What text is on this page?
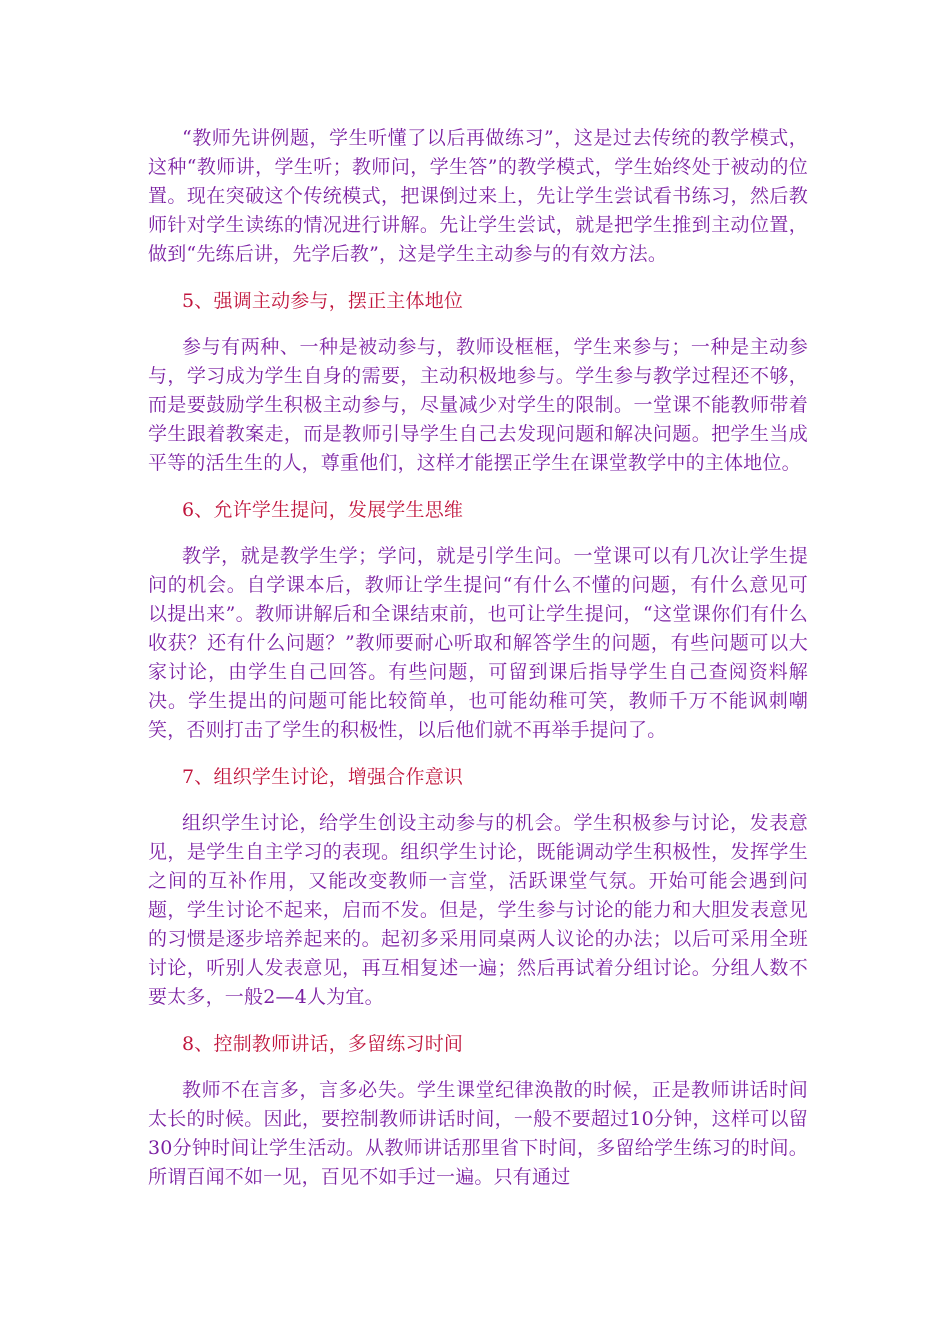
“教师先讲例题，学生听懂了以后再做练习”，这是过去传统的教学模式，这种“教师讲，学生听；教师问，学生答”的教学模式，学生始终处于被动的位置。现在突破这个传统模式，把课倒过来上，先让学生尝试看书练习，然后教师针对学生读练的情况进行讲解。先让学生尝试，就是把学生推到主动位置，做到“先练后讲，先学后教”，这是学生主动参与的有效方法。

5、强调主动参与，摆正主体地位

参与有两种、一种是被动参与，教师设框框，学生来参与；一种是主动参与，学习成为学生自身的需要，主动积极地参与。学生参与教学过程还不够，而是要鼓励学生积极主动参与，尽量减少对学生的限制。一堂课不能教师带着学生跟着教案走，而是教师引导学生自己去发现问题和解决问题。把学生当成平等的活生生的人，尊重他们，这样才能摆正学生在课堂教学中的主体地位。

6、允许学生提问，发展学生思维

教学，就是教学生学；学问，就是引学生问。一堂课可以有几次让学生提问的机会。自学课本后，教师让学生提问“有什么不懂的问题，有什么意见可以提出来”。教师讲解后和全课结束前，也可让学生提问，“这堂课你们有什么收获？还有什么问题？”教师要耐心听取和解答学生的问题，有些问题可以大家讨论，由学生自己回答。有些问题，可留到课后指导学生自己查阅资料解决。学生提出的问题可能比较简单，也可能幼稚可笑，教师千万不能讽刺嘲笑，否则打击了学生的积极性，以后他们就不再举手提问了。

7、组织学生讨论，增强合作意识

组织学生讨论，给学生创设主动参与的机会。学生积极参与讨论，发表意见，是学生自主学习的表现。组织学生讨论，既能调动学生积极性，发挥学生之间的互补作用，又能改变教师一言堂，活跃课堂气氛。开始可能会遇到问题，学生讨论不起来，启而不发。但是，学生参与讨论的能力和大胆发表意见的习惯是逐步培养起来的。起初多采用同桌两人议论的办法；以后可采用全班讨论，听别人发表意见，再互相复述一遍；然后再试着分组讨论。分组人数不要太多，一般2—4人为宜。

8、控制教师讲话，多留练习时间

教师不在言多，言多必失。学生课堂纪律涣散的时候，正是教师讲话时间太长的时候。因此，要控制教师讲话时间，一般不要超过10分钟，这样可以留30分钟时间让学生活动。从教师讲话那里省下时间，多留给学生练习的时间。所谓百闻不如一见，百见不如手过一遍。只有通过
